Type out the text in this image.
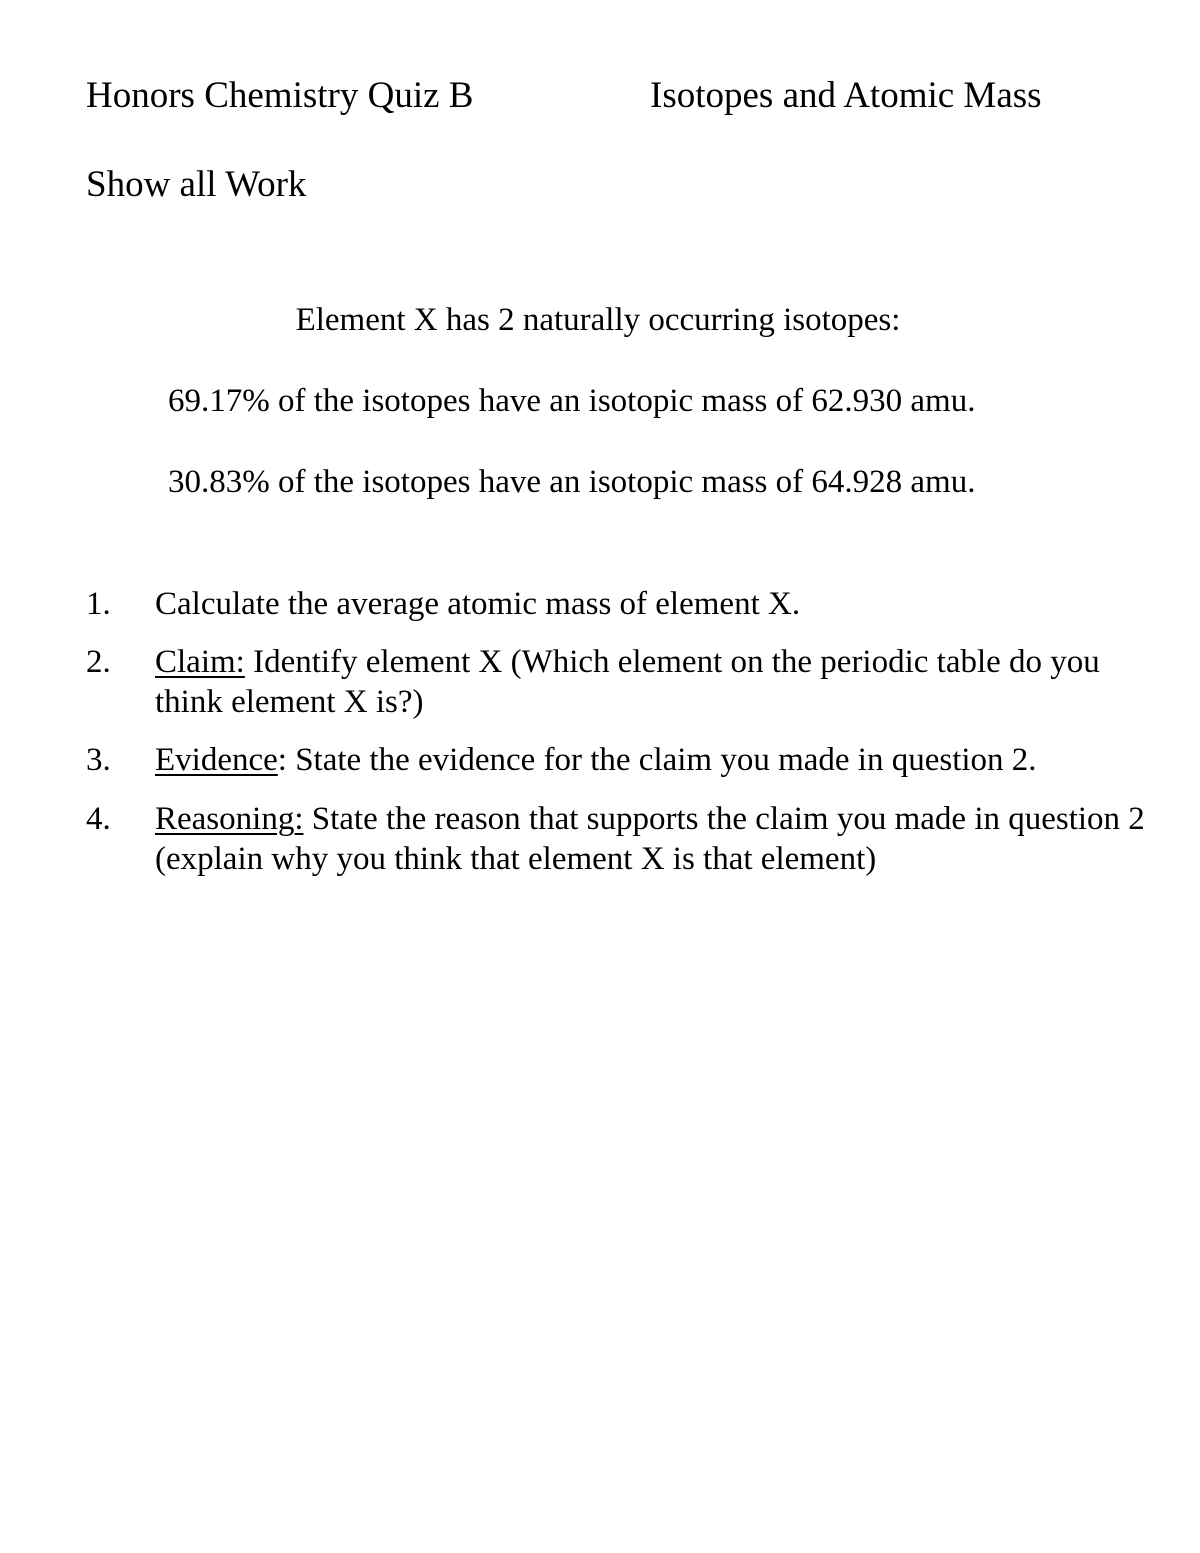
Honors Chemistry Quiz B	Isotopes and Atomic Mass
Show all Work
Element X has 2 naturally occurring isotopes:
69.17% of the isotopes have an isotopic mass of 62.930 amu.
30.83% of the isotopes have an isotopic mass of 64.928 amu.
1.	Calculate the average atomic mass of element X.
2.	Claim: Identify element X (Which element on the periodic table do you think element X is?)
3.	Evidence: State the evidence for the claim you made in question 2.
4.	Reasoning: State the reason that supports the claim you made in question 2 (explain why you think that element X is that element)
